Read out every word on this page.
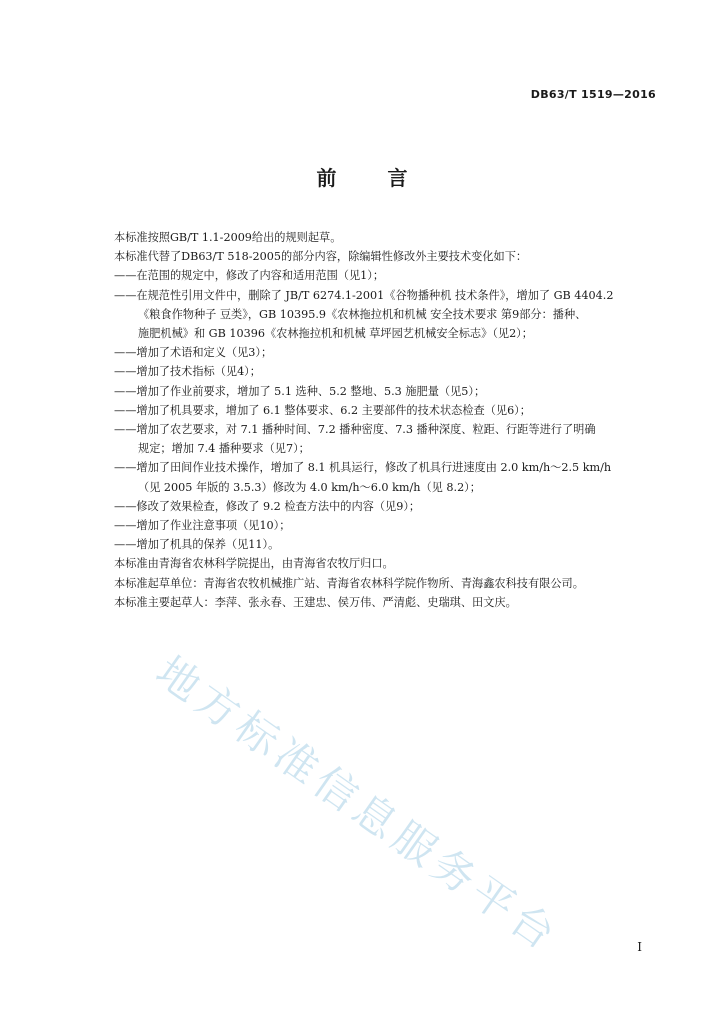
DB63/T 1519—2016
前 言

本标准按照GB/T 1.1-2009给出的规则起草。

本标准代替了DB63/T 518-2005的部分内容，除编辑性修改外主要技术变化如下：

——在范围的规定中，修改了内容和适用范围（见1）；

——在规范性引用文件中，删除了 JB/T 6274.1-2001《谷物播种机 技术条件》，增加了 GB 4404.2

《粮食作物种子 豆类》，GB 10395.9《农林拖拉机和机械 安全技术要求 第9部分：播种、

施肥机械》和 GB 10396《农林拖拉机和机械 草坪园艺机械安全标志》（见2）；

——增加了术语和定义（见3）；

——增加了技术指标（见4）；

——增加了作业前要求，增加了 5.1 选种、5.2 整地、5.3 施肥量（见5）；

——增加了机具要求，增加了 6.1 整体要求、6.2 主要部件的技术状态检查（见6）；

——增加了农艺要求，对 7.1 播种时间、7.2 播种密度、7.3 播种深度、粒距、行距等进行了明确

规定；增加 7.4 播种要求（见7）；

——增加了田间作业技术操作，增加了 8.1 机具运行，修改了机具行进速度由 2.0 km/h～2.5 km/h

（见 2005 年版的 3.5.3）修改为 4.0 km/h～6.0 km/h（见 8.2）；

——修改了效果检查，修改了 9.2 检查方法中的内容（见9）；

——增加了作业注意事项（见10）；

——增加了机具的保养（见11）。

本标准由青海省农林科学院提出，由青海省农牧厅归口。

本标准起草单位：青海省农牧机械推广站、青海省农林科学院作物所、青海鑫农科技有限公司。

本标准主要起草人：李萍、张永春、王建忠、侯万伟、严清彪、史瑞琪、田文庆。

地方标准信息服务平台	I
